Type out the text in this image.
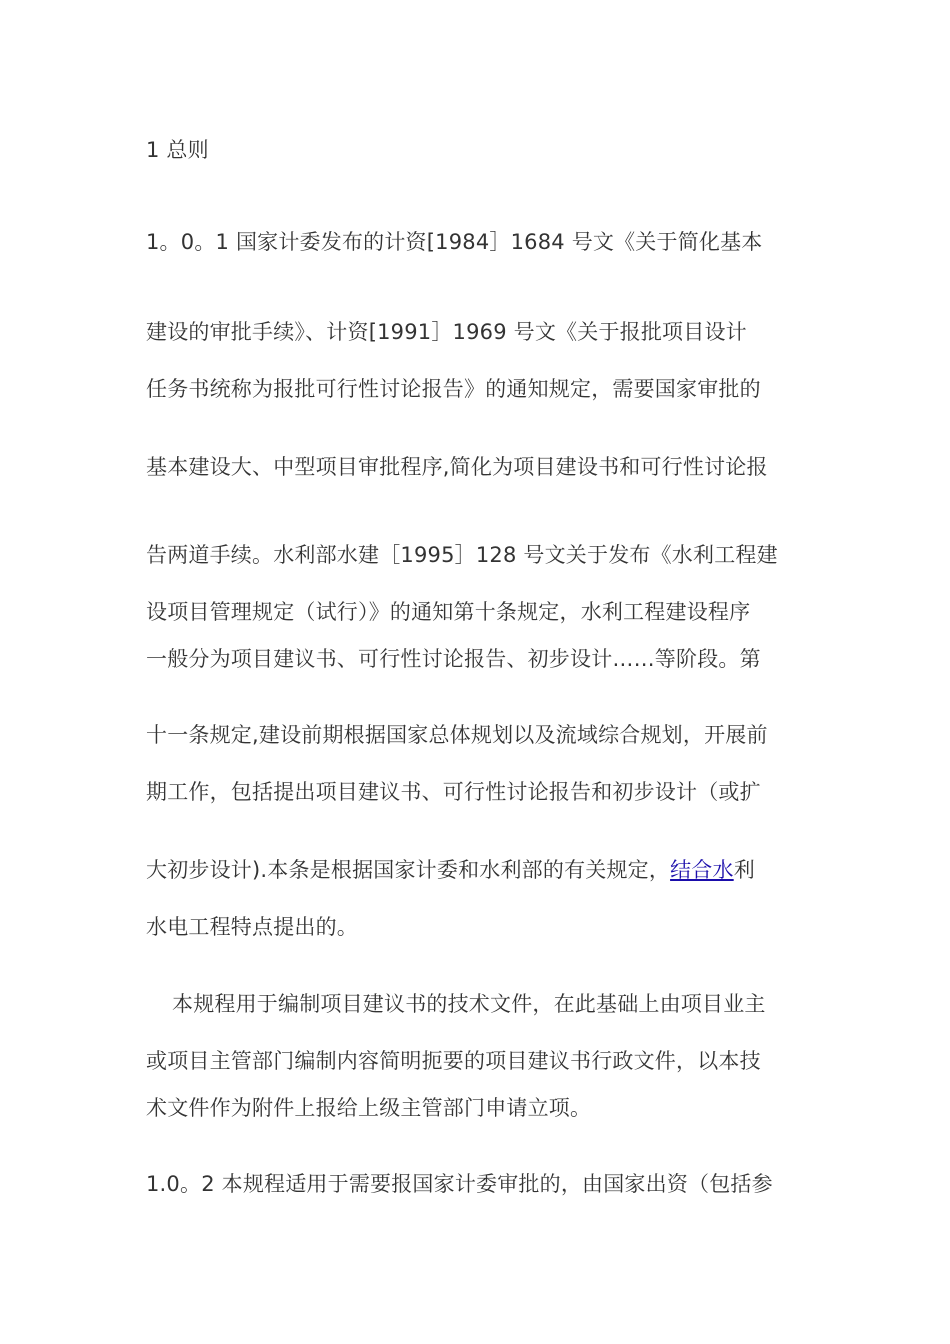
1 总则
1。0。1 国家计委发布的计资[1984］1684 号文《关于简化基本
建设的审批手续》、计资[1991］1969 号文《关于报批项目设计
任务书统称为报批可行性讨论报告》的通知规定，需要国家审批的
基本建设大、中型项目审批程序,简化为项目建设书和可行性讨论报
告两道手续。水利部水建［1995］128 号文关于发布《水利工程建
设项目管理规定（试行）》的通知第十条规定，水利工程建设程序
一般分为项目建议书、可行性讨论报告、初步设计……等阶段。第
十一条规定,建设前期根据国家总体规划以及流域综合规划，开展前
期工作，包括提出项目建议书、可行性讨论报告和初步设计（或扩
大初步设计).本条是根据国家计委和水利部的有关规定，结合水利
水电工程特点提出的。
本规程用于编制项目建议书的技术文件，在此基础上由项目业主
或项目主管部门编制内容简明扼要的项目建议书行政文件，以本技
术文件作为附件上报给上级主管部门申请立项。
1.0。2 本规程适用于需要报国家计委审批的，由国家出资（包括参
